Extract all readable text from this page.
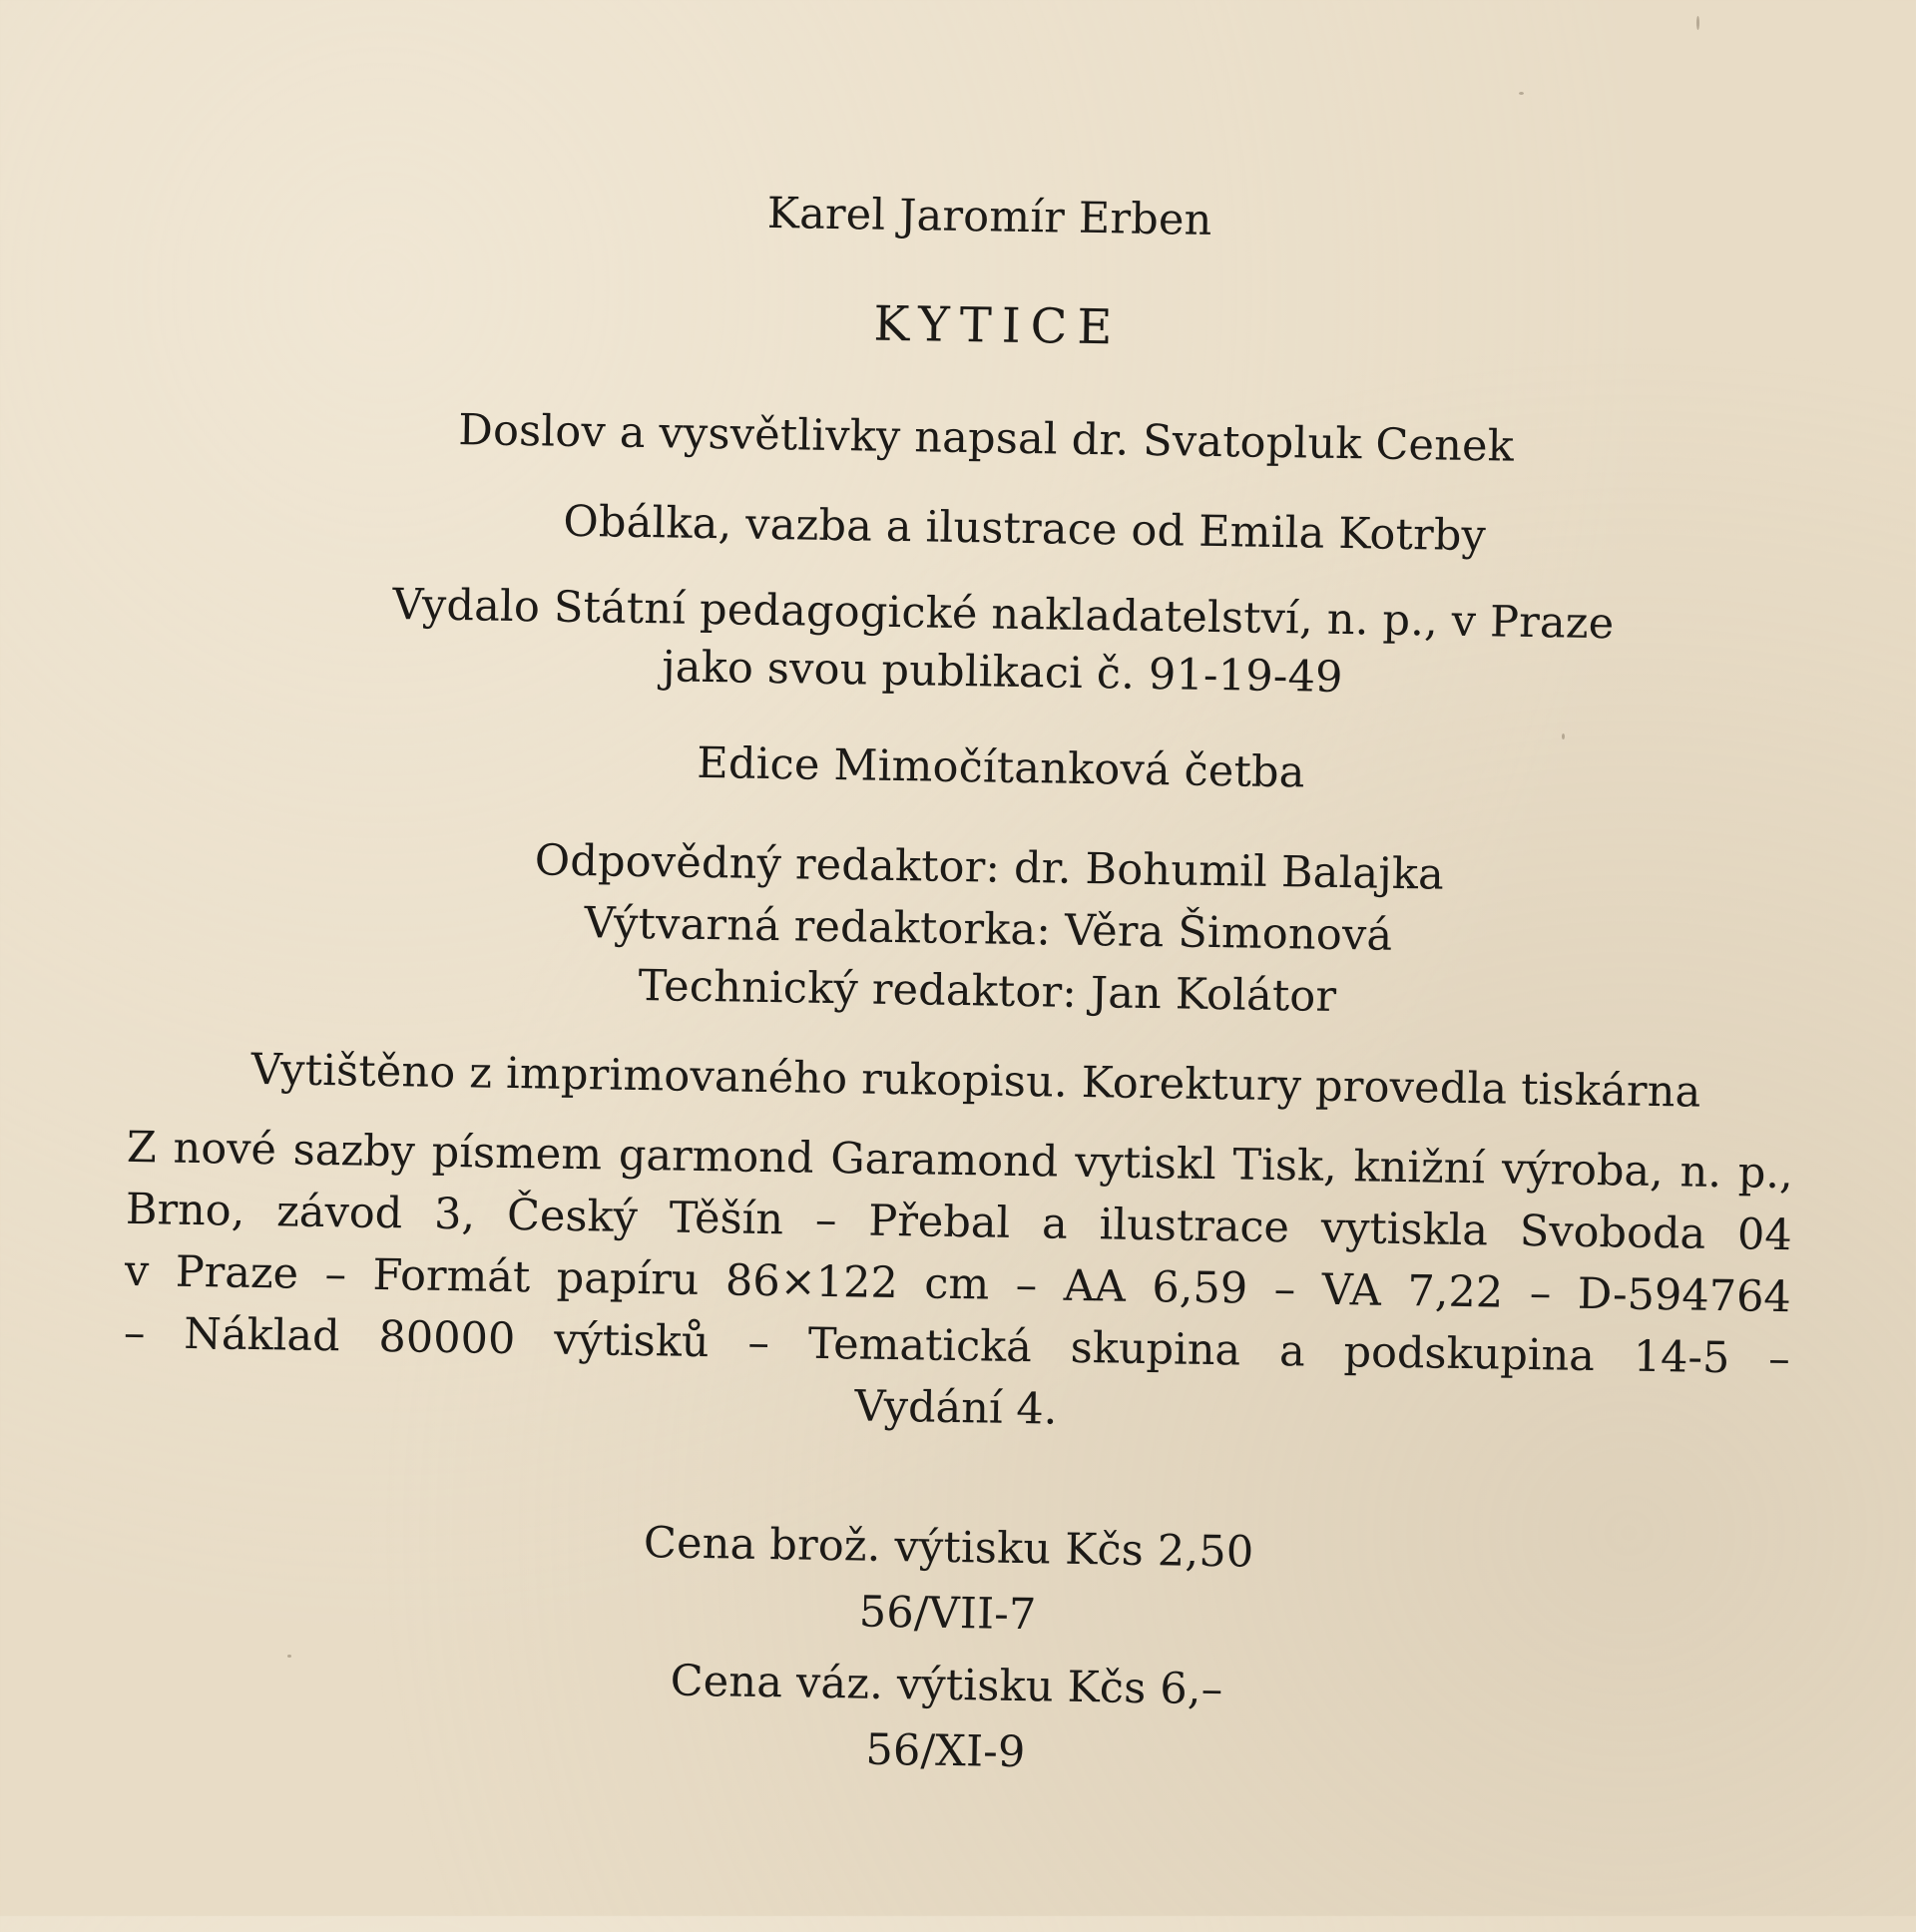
Karel Jaromír Erben
KYTICE
Doslov a vysvětlivky napsal dr. Svatopluk Cenek
Obálka, vazba a ilustrace od Emila Kotrby
Vydalo Státní pedagogické nakladatelství, n. p., v Praze
jako svou publikaci č. 91-19-49
Edice Mimočítanková četba
Odpovědný redaktor: dr. Bohumil Balajka
Výtvarná redaktorka: Věra Šimonová
Technický redaktor: Jan Kolátor
Vytištěno z imprimovaného rukopisu. Korektury provedla tiskárna
Z nové sazby písmem garmond Garamond vytiskl Tisk, knižní výroba, n. p.,
Brno, závod 3, Český Těšín – Přebal a ilustrace vytiskla Svoboda 04
v Praze – Formát papíru 86×122 cm – AA 6,59 – VA 7,22 – D-594764
– Náklad 80000 výtisků – Tematická skupina a podskupina 14-5 –
Vydání 4.
Cena brož. výtisku Kčs 2,50
56/VII-7
Cena váz. výtisku Kčs 6,–
56/XI-9
